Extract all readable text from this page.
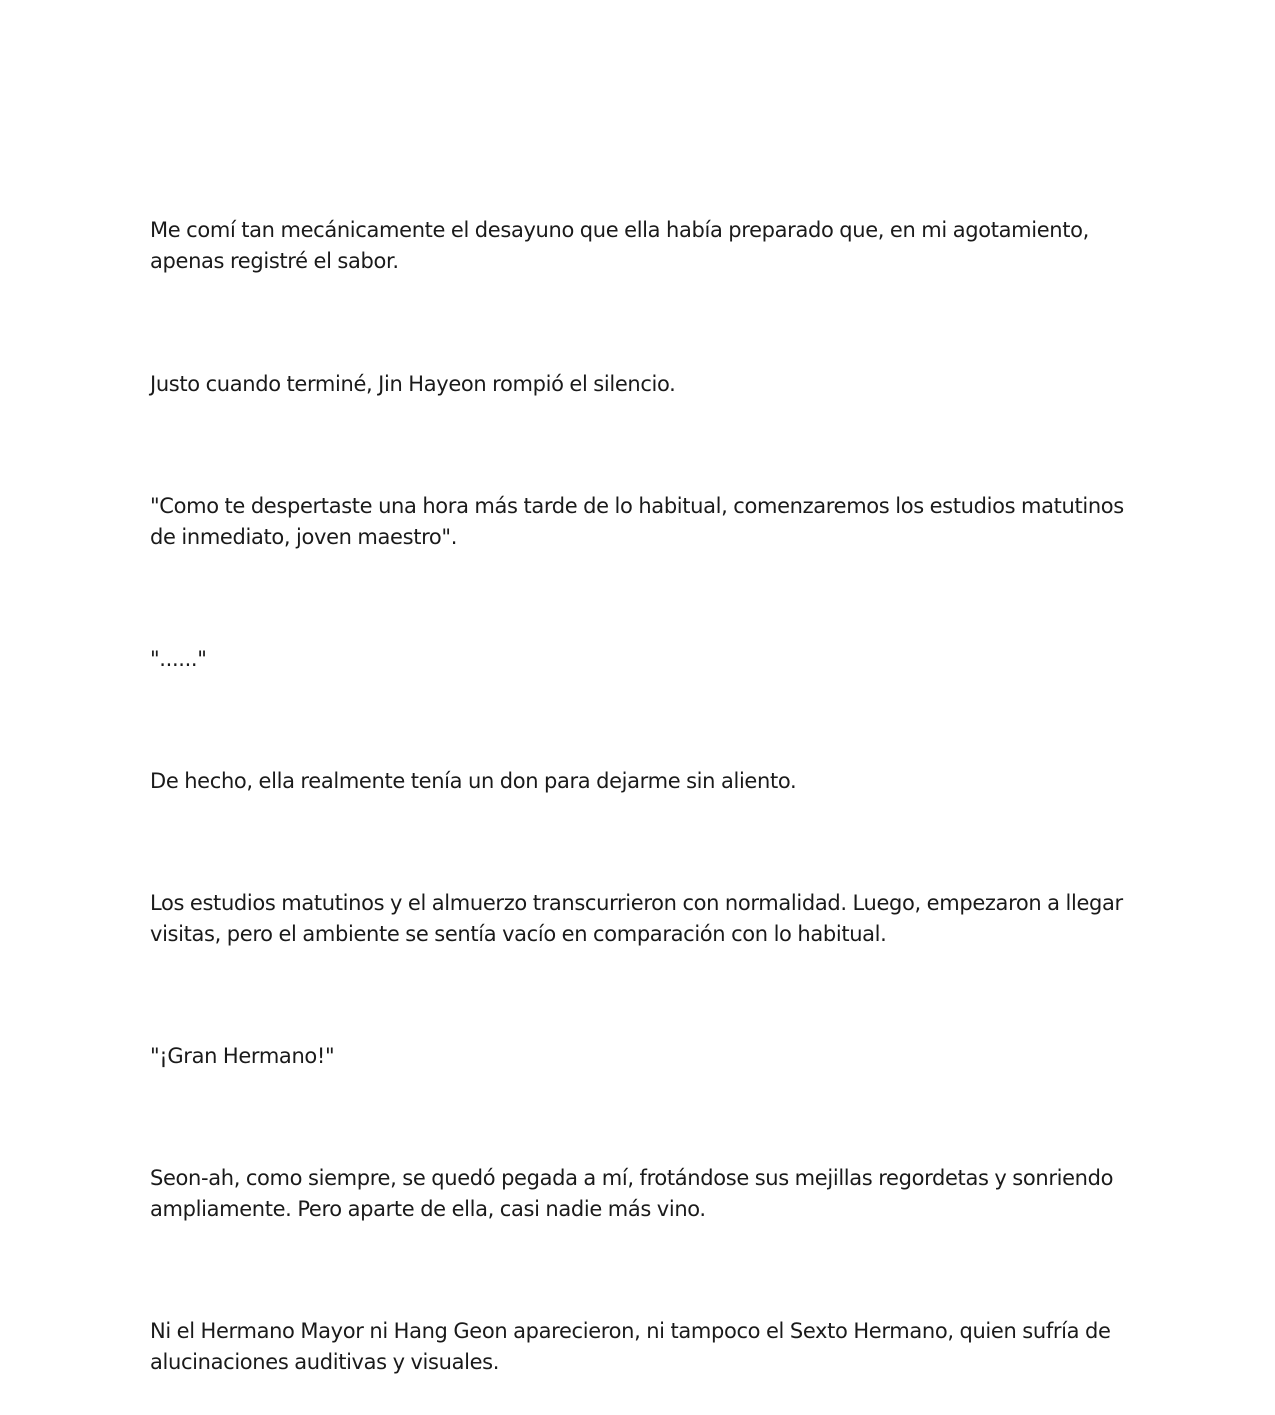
Me comí tan mecánicamente el desayuno que ella había preparado que, en mi agotamiento, apenas registré el sabor.

Justo cuando terminé, Jin Hayeon rompió el silencio.

"Como te despertaste una hora más tarde de lo habitual, comenzaremos los estudios matutinos de inmediato, joven maestro".

"......"

De hecho, ella realmente tenía un don para dejarme sin aliento.

Los estudios matutinos y el almuerzo transcurrieron con normalidad. Luego, empezaron a llegar visitas, pero el ambiente se sentía vacío en comparación con lo habitual.

"¡Gran Hermano!"

Seon-ah, como siempre, se quedó pegada a mí, frotándose sus mejillas regordetas y sonriendo ampliamente. Pero aparte de ella, casi nadie más vino.

Ni el Hermano Mayor ni Hang Geon aparecieron, ni tampoco el Sexto Hermano, quien sufría de alucinaciones auditivas y visuales.
